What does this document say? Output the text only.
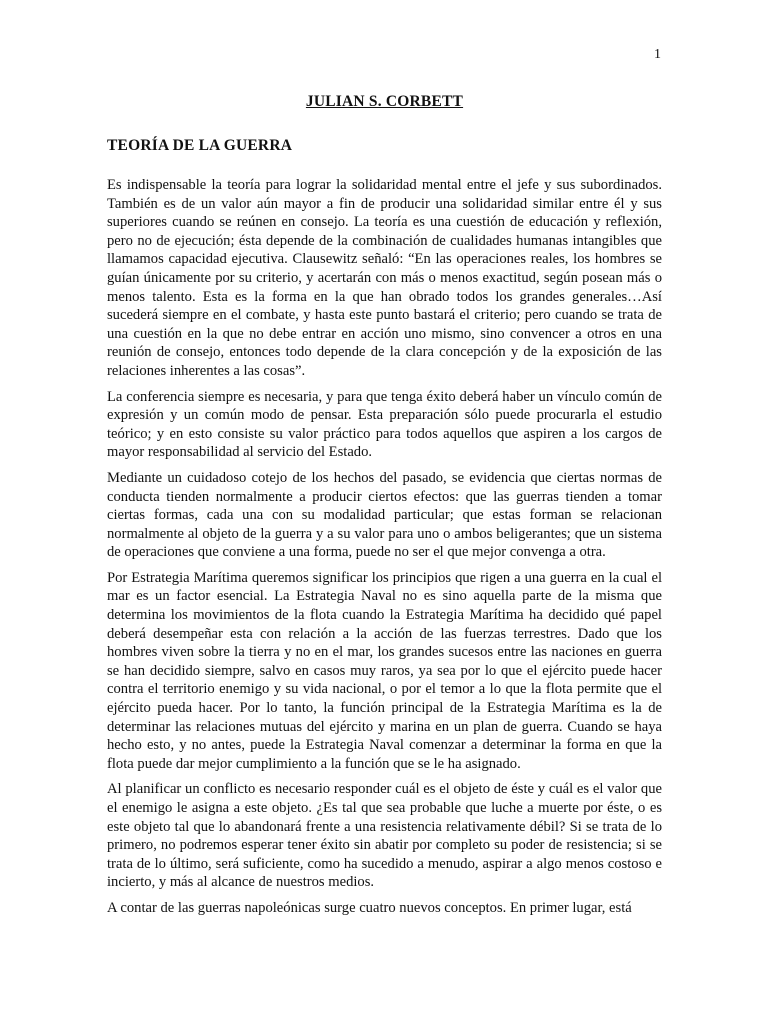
1
JULIAN S. CORBETT
TEORÍA DE LA GUERRA

Es indispensable la teoría para lograr la solidaridad mental entre el jefe y sus subordinados. También es de un valor aún mayor a fin de producir una solidaridad similar entre él y sus superiores cuando se reúnen en consejo. La teoría es una cuestión de educación y reflexión, pero no de ejecución; ésta depende de la combinación de cualidades humanas intangibles que llamamos capacidad ejecutiva. Clausewitz señaló: “En las operaciones reales, los hombres se guían únicamente por su criterio, y acertarán con más o menos exactitud, según posean más o menos talento. Esta es la forma en la que han obrado todos los grandes generales…Así sucederá siempre en el combate, y hasta este punto bastará el criterio; pero cuando se trata de una cuestión en la que no debe entrar en acción uno mismo, sino convencer a otros en una reunión de consejo, entonces todo depende de la clara concepción y de la exposición de las relaciones inherentes a las cosas”.

La conferencia siempre es necesaria, y para que tenga éxito deberá haber un vínculo común de expresión y un común modo de pensar. Esta preparación sólo puede procurarla el estudio teórico; y en esto consiste su valor práctico para todos aquellos que aspiren a los cargos de mayor responsabilidad al servicio del Estado.

Mediante un cuidadoso cotejo de los hechos del pasado, se evidencia que ciertas normas de conducta tienden normalmente a producir ciertos efectos: que las guerras tienden a tomar ciertas formas, cada una con su modalidad particular; que estas forman se relacionan normalmente al objeto de la guerra y a su valor para uno o ambos beligerantes; que un sistema de operaciones que conviene a una forma, puede no ser el que mejor convenga a otra.

Por Estrategia Marítima queremos significar los principios que rigen a una guerra en la cual el mar es un factor esencial. La Estrategia Naval no es sino aquella parte de la misma que determina los movimientos de la flota cuando la Estrategia Marítima ha decidido qué papel deberá desempeñar esta con relación a la acción de las fuerzas terrestres. Dado que los hombres viven sobre la tierra y no en el mar, los grandes sucesos entre las naciones en guerra se han decidido siempre, salvo en casos muy raros, ya sea por lo que el ejército puede hacer contra el territorio enemigo y su vida nacional, o por el temor a lo que la flota permite que el ejército pueda hacer. Por lo tanto, la función principal de la Estrategia Marítima es la de determinar las relaciones mutuas del ejército y marina en un plan de guerra. Cuando se haya hecho esto, y no antes, puede la Estrategia Naval comenzar a determinar la forma en que la flota puede dar mejor cumplimiento a la función que se le ha asignado.

Al planificar un conflicto es necesario responder cuál es el objeto de éste y cuál es el valor que el enemigo le asigna a este objeto. ¿Es tal que sea probable que luche a muerte por éste, o es este objeto tal que lo abandonará frente a una resistencia relativamente débil? Si se trata de lo primero, no podremos esperar tener éxito sin abatir por completo su poder de resistencia; si se trata de lo último, será suficiente, como ha sucedido a menudo, aspirar a algo menos costoso e incierto, y más al alcance de nuestros medios.

A contar de las guerras napoleónicas surge cuatro nuevos conceptos. En primer lugar, está
